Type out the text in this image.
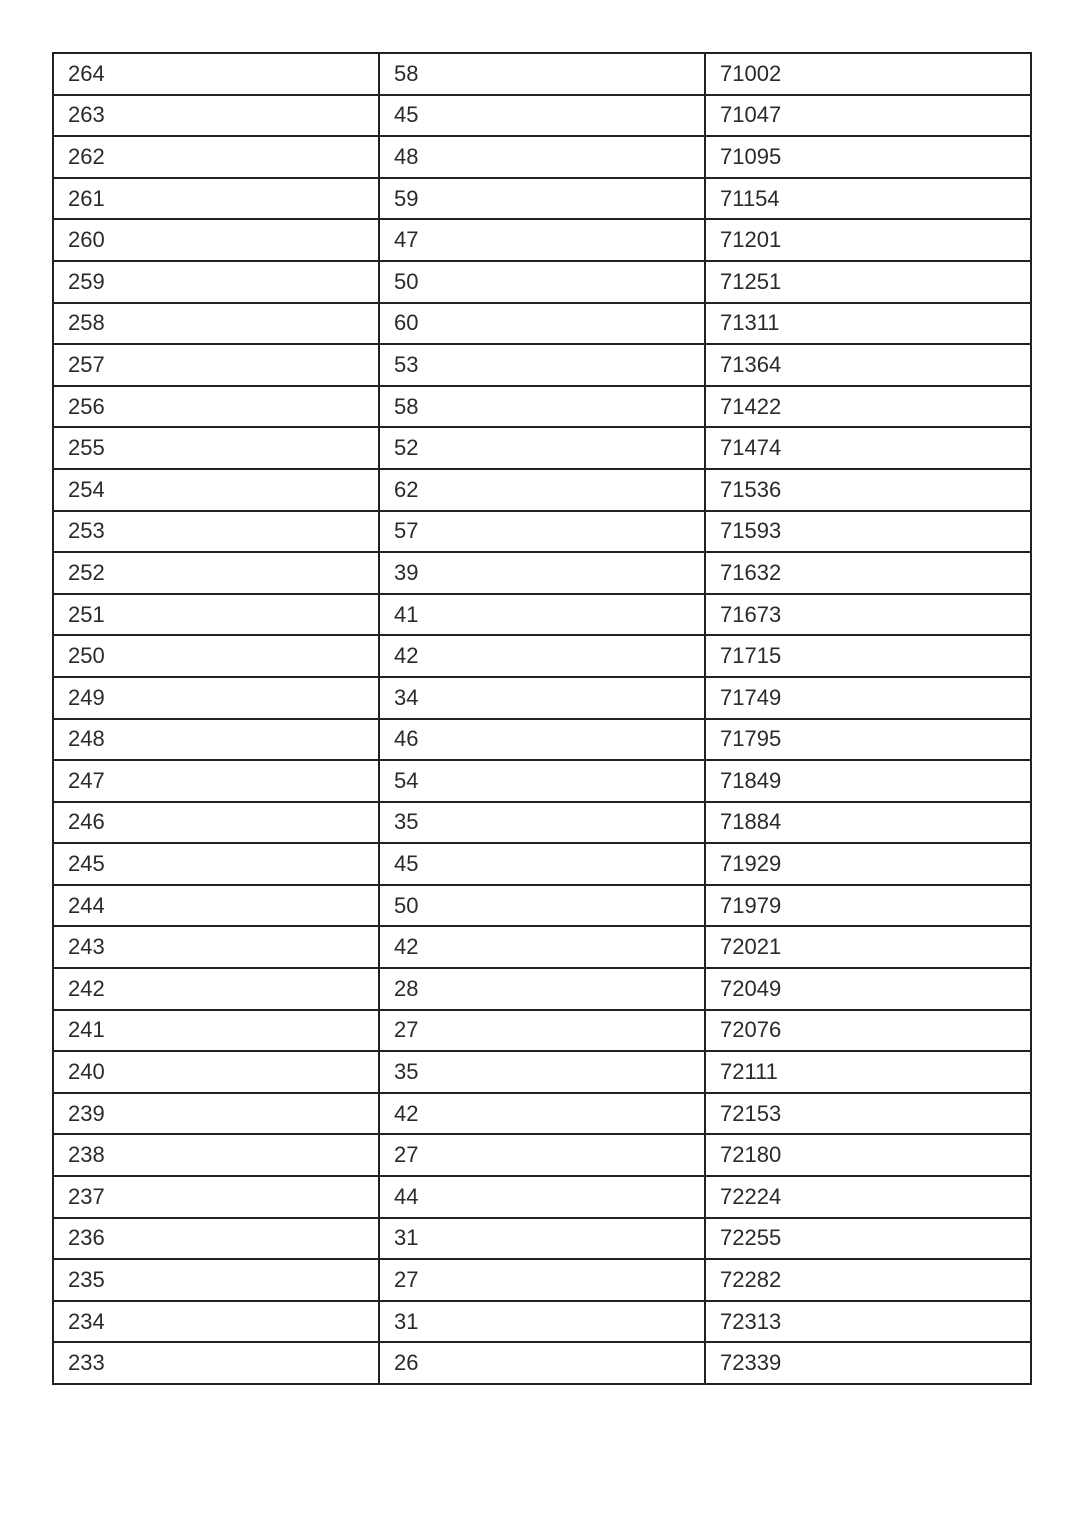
264	58	71002
263	45	71047
262	48	71095
261	59	71154
260	47	71201
259	50	71251
258	60	71311
257	53	71364
256	58	71422
255	52	71474
254	62	71536
253	57	71593
252	39	71632
251	41	71673
250	42	71715
249	34	71749
248	46	71795
247	54	71849
246	35	71884
245	45	71929
244	50	71979
243	42	72021
242	28	72049
241	27	72076
240	35	72111
239	42	72153
238	27	72180
237	44	72224
236	31	72255
235	27	72282
234	31	72313
233	26	72339
